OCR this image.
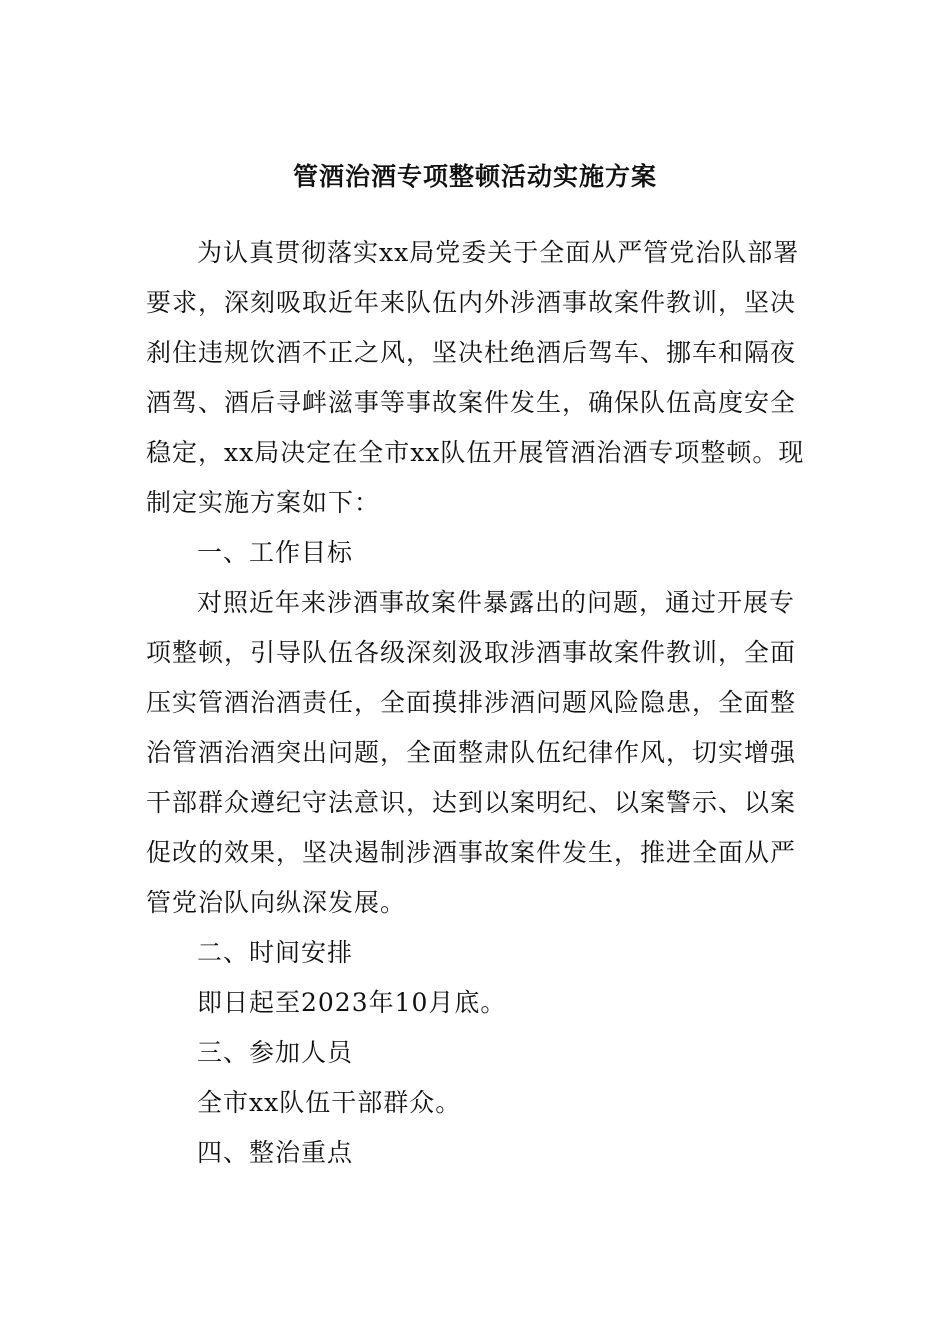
管酒治酒专项整顿活动实施方案
为认真贯彻落实xx局党委关于全面从严管党治队部署
要求，深刻吸取近年来队伍内外涉酒事故案件教训，坚决
刹住违规饮酒不正之风，坚决杜绝酒后驾车、挪车和隔夜
酒驾、酒后寻衅滋事等事故案件发生，确保队伍高度安全
稳定，xx局决定在全市xx队伍开展管酒治酒专项整顿。现
制定实施方案如下：
一、工作目标
对照近年来涉酒事故案件暴露出的问题，通过开展专
项整顿，引导队伍各级深刻汲取涉酒事故案件教训，全面
压实管酒治酒责任，全面摸排涉酒问题风险隐患，全面整
治管酒治酒突出问题，全面整肃队伍纪律作风，切实增强
干部群众遵纪守法意识，达到以案明纪、以案警示、以案
促改的效果，坚决遏制涉酒事故案件发生，推进全面从严
管党治队向纵深发展。
二、时间安排
即日起至2023年10月底。
三、参加人员
全市xx队伍干部群众。
四、整治重点
